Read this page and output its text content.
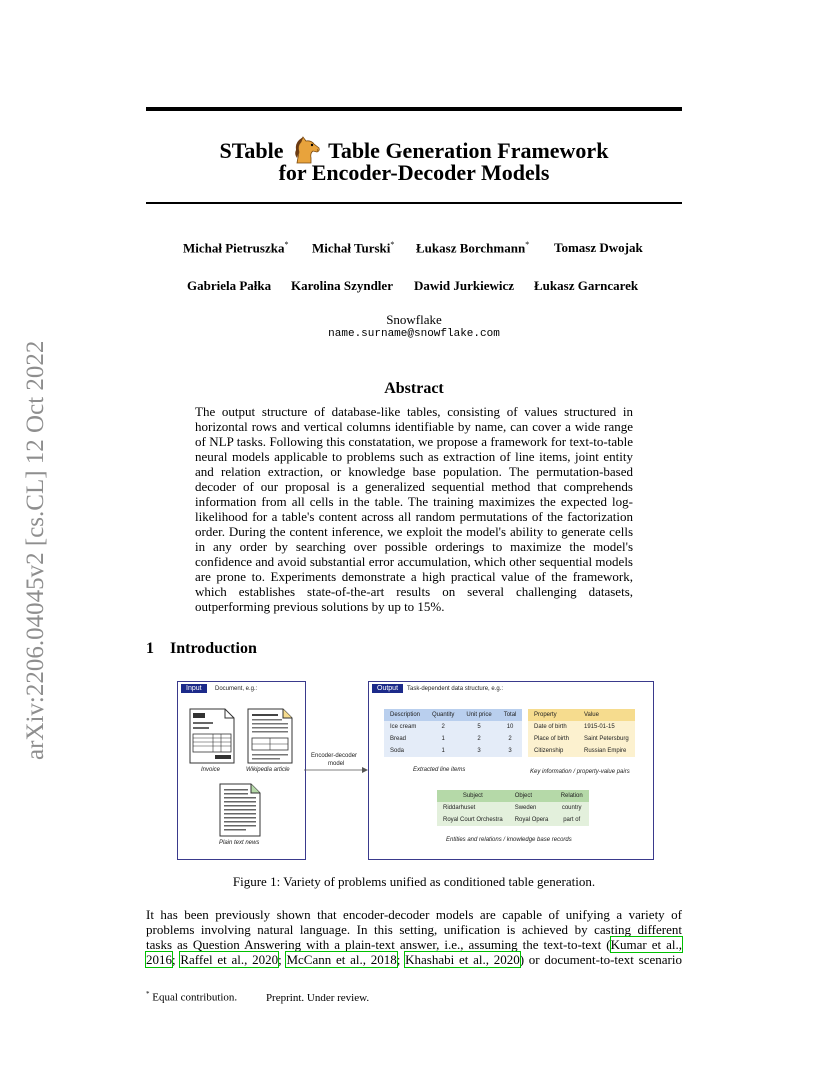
arXiv:2206.04045v2 [cs.CL] 12 Oct 2022
STable Table Generation Framework
for Encoder-Decoder Models
Michał Pietruszka* Michał Turski* Łukasz Borchmann* Tomasz Dwojak
Gabriela Pałka Karolina Szyndler Dawid Jurkiewicz Łukasz Garncarek
Snowflake
name.surname@snowflake.com
Abstract
The output structure of database-like tables, consisting of values structured in horizontal rows and vertical columns identifiable by name, can cover a wide range of NLP tasks. Following this constatation, we propose a framework for text-to-table neural models applicable to problems such as extraction of line items, joint entity and relation extraction, or knowledge base population. The permutation-based decoder of our proposal is a generalized sequential method that comprehends information from all cells in the table. The training maximizes the expected log-likelihood for a table's content across all random permutations of the factorization order. During the content inference, we exploit the model's ability to generate cells in any order by searching over possible orderings to maximize the model's confidence and avoid substantial error accumulation, which other sequential models are prone to. Experiments demonstrate a high practical value of the framework, which establishes state-of-the-art results on several challenging datasets, outperforming previous solutions by up to 15%.
1 Introduction
Input	Document, e.g.:
Invoice	Wikipedia article
Plain text news
Encoder-decoder
model
Output	Task-dependent data structure, e.g.:
Description	Quantity	Unit price	Total
Ice cream	2	5	10
Bread	1	2	2
Soda	1	3	3
Extracted line items
Property	Value
Date of birth	1915-01-15
Place of birth	Saint Petersburg
Citizenship	Russian Empire
Key information / property-value pairs
Subject	Object	Relation
Riddarhuset	Sweden	country
Royal Court Orchestra	Royal Opera	part of
Entities and relations / knowledge base records
Figure 1: Variety of problems unified as conditioned table generation.
It has been previously shown that encoder-decoder models are capable of unifying a variety of
problems involving natural language. In this setting, unification is achieved by casting different
tasks as Question Answering with a plain-text answer, i.e., assuming the text-to-text (Kumar et al.,
2016; Raffel et al., 2020; McCann et al., 2018; Khashabi et al., 2020) or document-to-text scenario
* Equal contribution.	Preprint. Under review.
